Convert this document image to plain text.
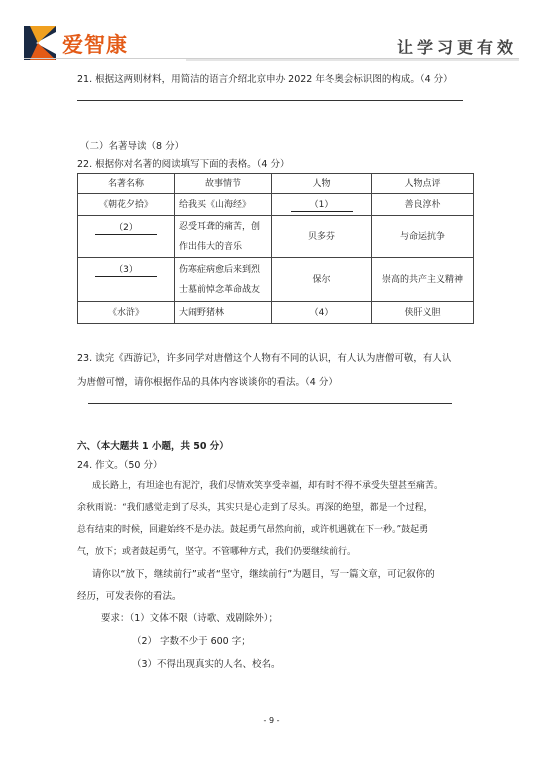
爱智康	让学习更有效
21. 根据这两则材料，用简洁的语言介绍北京申办 2022 年冬奥会标识图的构成。（4 分）
（二）名著导读（8 分）
22. 根据你对名著的阅读填写下面的表格。（4 分）
名著名称	故事情节	人物	人物点评
《朝花夕拾》	给我买《山海经》	（1）	善良淳朴
（2）	忍受耳聋的痛苦，创作出伟大的音乐	贝多芬	与命运抗争
（3）	伤寒症病愈后来到烈士墓前悼念革命战友	保尔	崇高的共产主义精神
《水浒》	大闹野猪林	（4）	侠肝义胆
23. 读完《西游记》，许多同学对唐僧这个人物有不同的认识，有人认为唐僧可敬，有人认
为唐僧可憎，请你根据作品的具体内容谈谈你的看法。（4 分）
六、（本大题共 1 小题，共 50 分）
24. 作文。（50 分）
成长路上，有坦途也有泥泞，我们尽情欢笑享受幸福，却有时不得不承受失望甚至痛苦。
余秋雨说：“我们感觉走到了尽头，其实只是心走到了尽头。再深的绝望，都是一个过程，
总有结束的时候，回避始终不是办法。鼓起勇气昂然向前，或许机遇就在下一秒。”鼓起勇
气，放下；或者鼓起勇气，坚守。不管哪种方式，我们仍要继续前行。
请你以“放下，继续前行”或者“坚守，继续前行”为题目，写一篇文章，可记叙你的
经历，可发表你的看法。
要求：（1）文体不限（诗歌、戏剧除外）；
（2） 字数不少于 600 字；
（3）不得出现真实的人名、校名。
- 9 -
